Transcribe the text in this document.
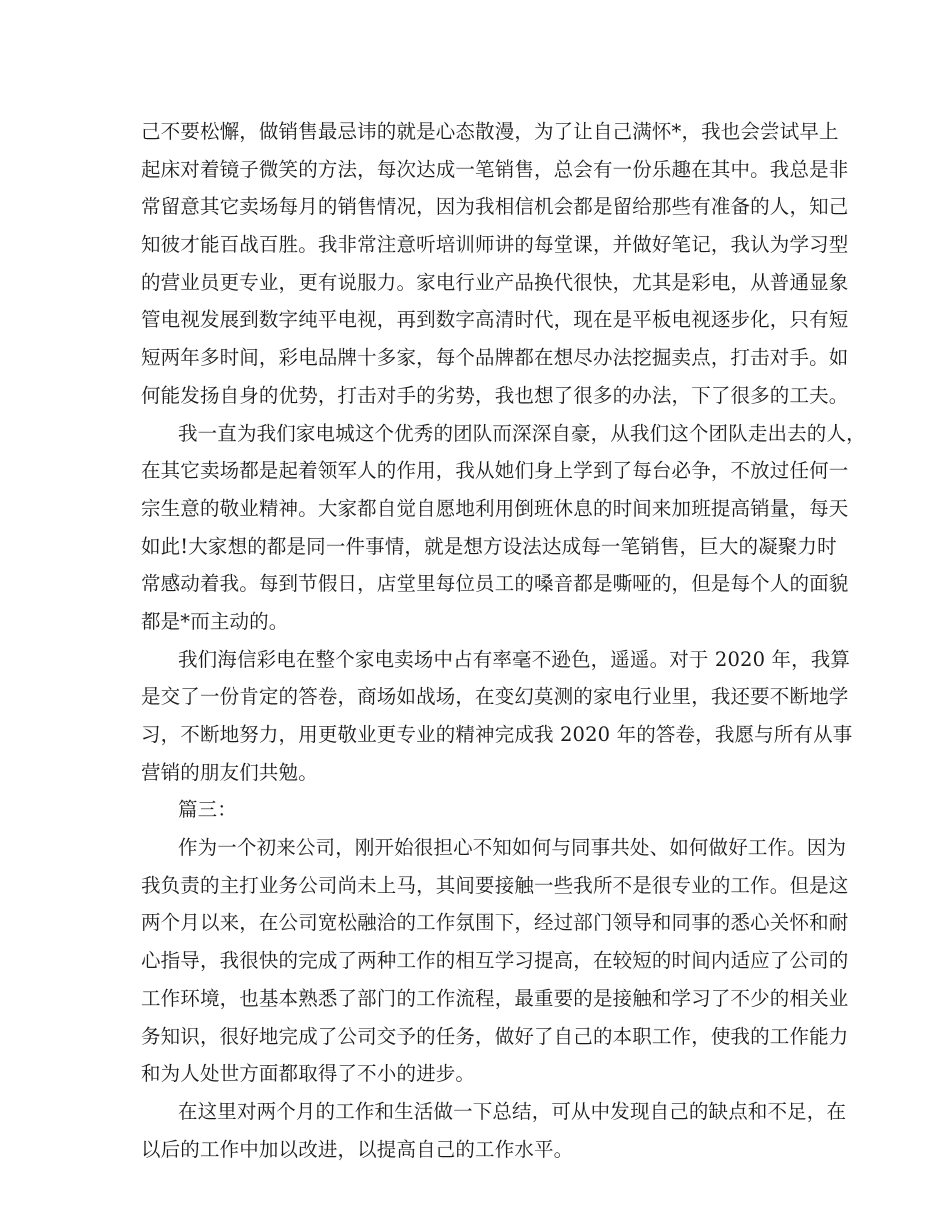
己不要松懈，做销售最忌讳的就是心态散漫，为了让自己满怀*，我也会尝试早上
起床对着镜子微笑的方法，每次达成一笔销售，总会有一份乐趣在其中。我总是非
常留意其它卖场每月的销售情况，因为我相信机会都是留给那些有准备的人，知己
知彼才能百战百胜。我非常注意听培训师讲的每堂课，并做好笔记，我认为学习型
的营业员更专业，更有说服力。家电行业产品换代很快，尤其是彩电，从普通显象
管电视发展到数字纯平电视，再到数字高清时代，现在是平板电视逐步化，只有短
短两年多时间，彩电品牌十多家，每个品牌都在想尽办法挖掘卖点，打击对手。如
何能发扬自身的优势，打击对手的劣势，我也想了很多的办法，下了很多的工夫。
我一直为我们家电城这个优秀的团队而深深自豪，从我们这个团队走出去的人，
在其它卖场都是起着领军人的作用，我从她们身上学到了每台必争，不放过任何一
宗生意的敬业精神。大家都自觉自愿地利用倒班休息的时间来加班提高销量，每天
如此!大家想的都是同一件事情，就是想方设法达成每一笔销售，巨大的凝聚力时
常感动着我。每到节假日，店堂里每位员工的嗓音都是嘶哑的，但是每个人的面貌
都是*而主动的。
我们海信彩电在整个家电卖场中占有率毫不逊色，遥遥。对于 2020 年，我算
是交了一份肯定的答卷，商场如战场，在变幻莫测的家电行业里，我还要不断地学
习，不断地努力，用更敬业更专业的精神完成我 2020 年的答卷，我愿与所有从事
营销的朋友们共勉。
篇三：
作为一个初来公司，刚开始很担心不知如何与同事共处、如何做好工作。因为
我负责的主打业务公司尚未上马，其间要接触一些我所不是很专业的工作。但是这
两个月以来，在公司宽松融洽的工作氛围下，经过部门领导和同事的悉心关怀和耐
心指导，我很快的完成了两种工作的相互学习提高，在较短的时间内适应了公司的
工作环境，也基本熟悉了部门的工作流程，最重要的是接触和学习了不少的相关业
务知识，很好地完成了公司交予的任务，做好了自己的本职工作，使我的工作能力
和为人处世方面都取得了不小的进步。
在这里对两个月的工作和生活做一下总结，可从中发现自己的缺点和不足，在
以后的工作中加以改进，以提高自己的工作水平。
